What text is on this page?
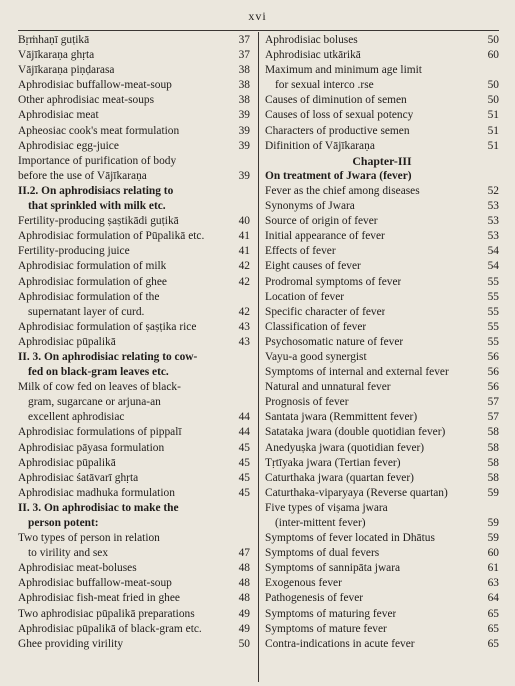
xvi
Bṛṁhaṇī guṭikā	37
Vājīkaraṇa ghṛta	37
Vājīkaraṇa piṇḍarasa	38
Aphrodisiac buffallow-meat-soup	38
Other aphrodisiac meat-soups	38
Aphrodisiac meat	39
Apheosiac cook's meat formulation	39
Aphrodisiac egg-juice	39
Importance of purification of body
before the use of Vājīkaraṇa	39
II.2. On aphrodisiacs relating to
that sprinkled with milk etc.
Fertility-producing ṣaṣtikādi guṭikā	40
Aphrodisiac formulation of Pūpalikā etc.	41
Fertility-producing juice	41
Aphrodisiac formulation of milk	42
Aphrodisiac formulation of ghee	42
Aphrodisiac formulation of the
supernatant layer of curd.	42
Aphrodisiac formulation of ṣaṣṭika rice	43
Aphrodisiac pūpalikā	43
II. 3. On aphrodisiac relating to cow-
fed on black-gram leaves etc.
Milk of cow fed on leaves of black-
gram, sugarcane or arjuna-an
excellent aphrodisiac	44
Aphrodisiac formulations of pippalī	44
Aphrodisiac pāyasa formulation	45
Aphrodisiac pūpalikā	45
Aphrodisiac śatāvarī ghṛta	45
Aphrodisiac madhuka formulation	45
II. 3. On aphrodisiac to make the
person potent:
Two types of person in relation
to virility and sex	47
Aphrodisiac meat-boluses	48
Aphrodisiac buffallow-meat-soup	48
Aphrodisiac fish-meat fried in ghee	48
Two aphrodisiac pūpalikā preparations	49
Aphrodisiac pūpalikā of black-gram etc.	49
Ghee providing virility	50
Aphrodisiac boluses	50
Aphrodisiac utkārikā	60
Maximum and minimum age limit
for sexual interco .rse	50
Causes of diminution of semen	50
Causes of loss of sexual potency	51
Characters of productive semen	51
Difinition of Vājīkaraṇa	51
Chapter-III
On treatment of Jwara (fever)
Fever as the chief among diseases	52
Synonyms of Jwara	53
Source of origin of fever	53
Initial appearance of fever	53
Effects of fever	54
Eight causes of fever	54
Prodromal symptoms of fever	55
Location of fever	55
Specific character of fever	55
Classification of fever	55
Psychosomatic nature of fever	55
Vayu-a good synergist	56
Symptoms of internal and external fever	56
Natural and unnatural fever	56
Prognosis of fever	57
Santata jwara (Remmittent fever)	57
Satataka jwara (double quotidian fever)	58
Anedyuṣka jwara (quotidian fever)	58
Tṛtīyaka jwara (Tertian fever)	58
Caturthaka jwara (quartan fever)	58
Caturthaka-viparyaya (Reverse quartan)	59
Five types of viṣama jwara
(inter-mittent fever)	59
Symptoms of fever located in Dhātus	59
Symptoms of dual fevers	60
Symptoms of sannipāta jwara	61
Exogenous fever	63
Pathogenesis of fever	64
Symptoms of maturing fever	65
Symptoms of mature fever	65
Contra-indications in acute fever	65
